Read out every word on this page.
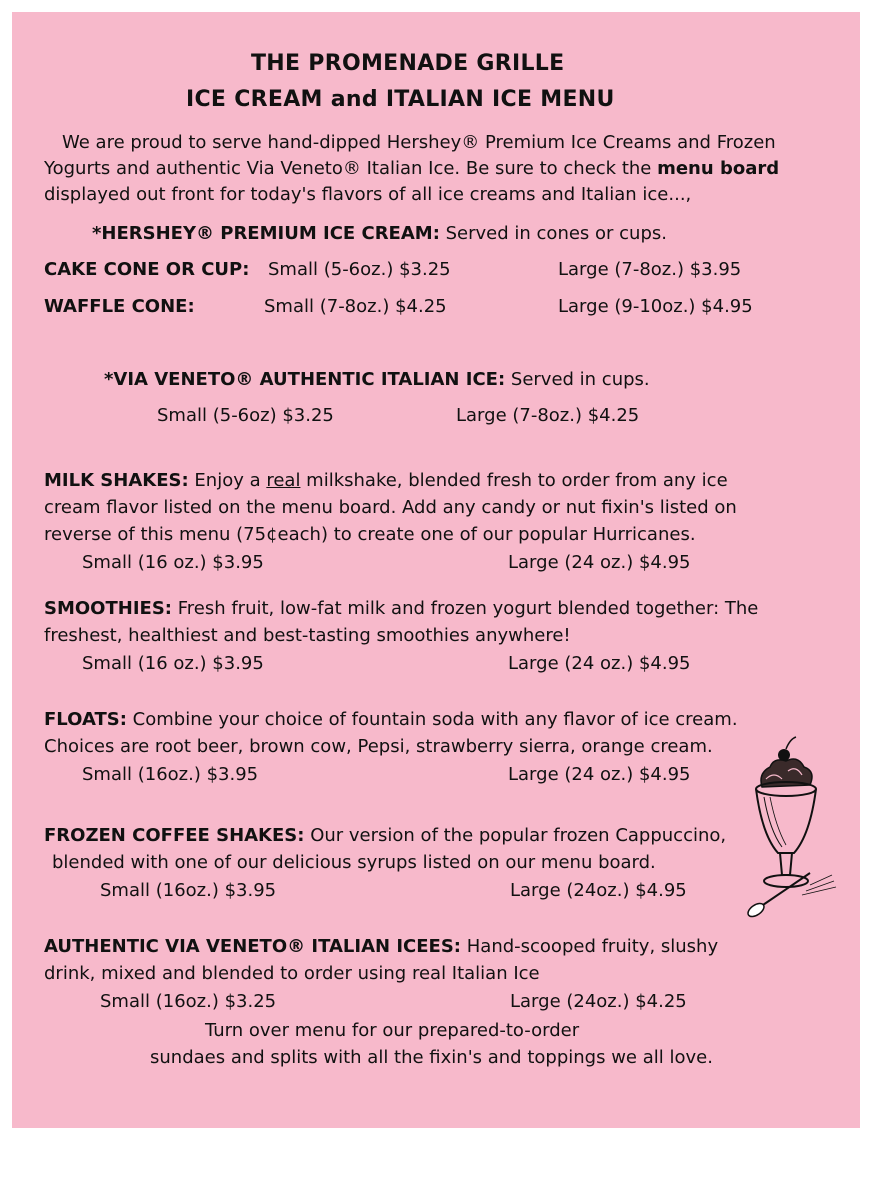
THE PROMENADE GRILLE
ICE CREAM and ITALIAN ICE MENU
We are proud to serve hand-dipped Hershey® Premium Ice Creams and Frozen
Yogurts and authentic Via Veneto® Italian Ice. Be sure to check the menu board
displayed out front for today's flavors of all ice creams and Italian ice...,
*HERSHEY® PREMIUM ICE CREAM: Served in cones or cups.
CAKE CONE OR CUP: Small (5-6oz.) $3.25	Large (7-8oz.) $3.95
WAFFLE CONE:	Small (7-8oz.) $4.25	Large (9-10oz.) $4.95
*VIA VENETO® AUTHENTIC ITALIAN ICE: Served in cups.
Small (5-6oz) $3.25	Large (7-8oz.) $4.25
MILK SHAKES: Enjoy a real milkshake, blended fresh to order from any ice
cream flavor listed on the menu board. Add any candy or nut fixin's listed on
reverse of this menu (75¢each) to create one of our popular Hurricanes.
Small (16 oz.) $3.95	Large (24 oz.) $4.95
SMOOTHIES: Fresh fruit, low-fat milk and frozen yogurt blended together: The
freshest, healthiest and best-tasting smoothies anywhere!
Small (16 oz.) $3.95	Large (24 oz.) $4.95
FLOATS: Combine your choice of fountain soda with any flavor of ice cream.
Choices are root beer, brown cow, Pepsi, strawberry sierra, orange cream.
Small (16oz.) $3.95	Large (24 oz.) $4.95
FROZEN COFFEE SHAKES: Our version of the popular frozen Cappuccino,
blended with one of our delicious syrups listed on our menu board.
Small (16oz.) $3.95	Large (24oz.) $4.95
AUTHENTIC VIA VENETO® ITALIAN ICEES: Hand-scooped fruity, slushy
drink, mixed and blended to order using real Italian Ice
Small (16oz.) $3.25	Large (24oz.) $4.25
Turn over menu for our prepared-to-order
sundaes and splits with all the fixin's and toppings we all love.
